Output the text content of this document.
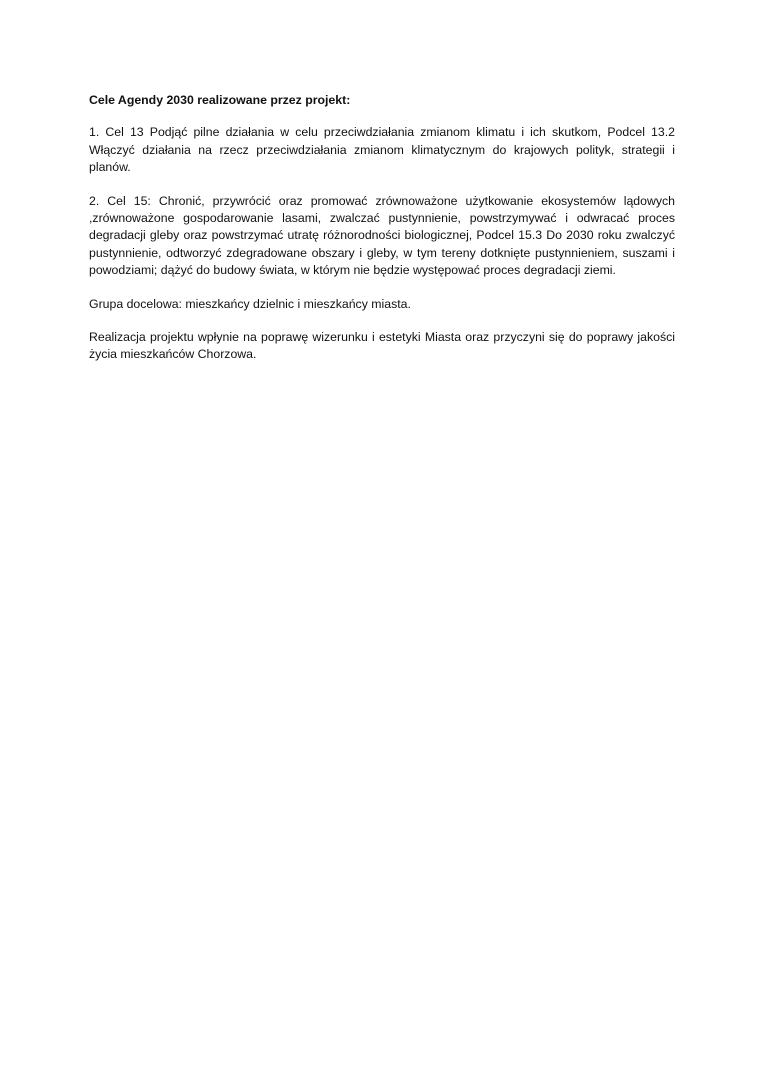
Cele Agendy 2030 realizowane przez projekt:

1. Cel 13 Podjąć pilne działania w celu przeciwdziałania zmianom klimatu i ich skutkom, Podcel 13.2 Włączyć działania na rzecz przeciwdziałania zmianom klimatycznym do krajowych polityk, strategii i planów.

2. Cel 15: Chronić, przywrócić oraz promować zrównoważone użytkowanie ekosystemów lądowych ,zrównoważone gospodarowanie lasami, zwalczać pustynnienie, powstrzymywać i odwracać proces degradacji gleby oraz powstrzymać utratę różnorodności biologicznej, Podcel 15.3 Do 2030 roku zwalczyć pustynnienie, odtworzyć zdegradowane obszary i gleby, w tym tereny dotknięte pustynnieniem, suszami i powodziami; dążyć do budowy świata, w którym nie będzie występować proces degradacji ziemi.

Grupa docelowa: mieszkańcy dzielnic i mieszkańcy miasta.

Realizacja projektu wpłynie na poprawę wizerunku i estetyki Miasta oraz przyczyni się do poprawy jakości życia mieszkańców Chorzowa.
